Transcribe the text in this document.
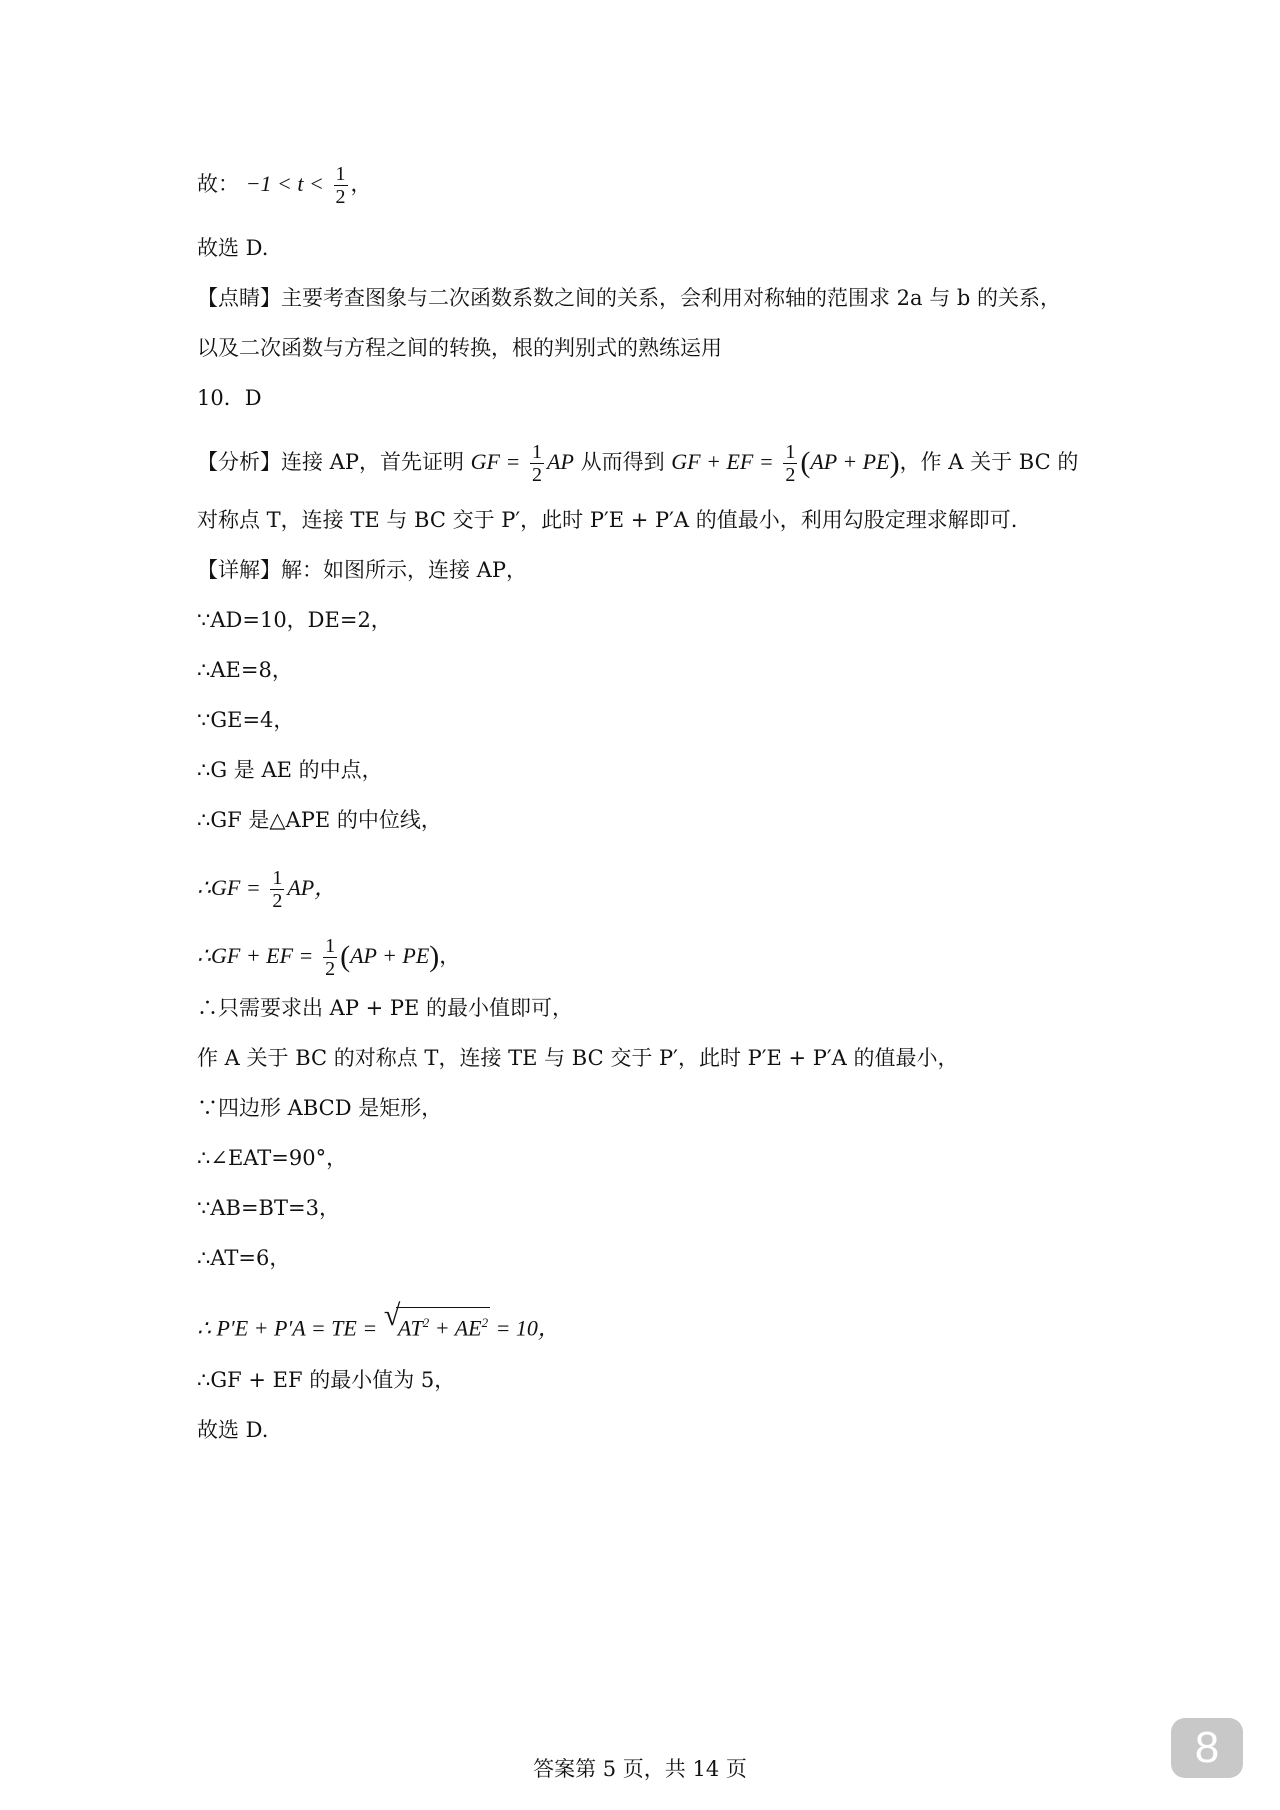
故： $-1 < t < \frac{1}{2}$ ，
故选 D.
【点睛】主要考查图象与二次函数系数之间的关系，会利用对称轴的范围求 2a 与 b 的关系，
以及二次函数与方程之间的转换，根的判别式的熟练运用
10．D
【分析】连接 AP，首先证明 GF = $\frac{1}{2}$ AP 从而得到 GF + EF = $\frac{1}{2} (AP + PE)$，作 A 关于 BC 的
对称点 T，连接 TE 与 BC 交于 P′，此时 P′E + P′A 的值最小，利用勾股定理求解即可.
【详解】解：如图所示，连接 AP，
∵AD=10，DE=2，
∴AE=8，
∵GE=4，
∴G 是 AE 的中点，
∴GF 是△APE 的中位线，
∴GF = $\frac{1}{2}$ AP，
∴GF + EF = $\frac{1}{2} (AP + PE)$，
∴只需要求出 AP + PE 的最小值即可，
作 A 关于 BC 的对称点 T，连接 TE 与 BC 交于 P′，此时 P′E + P′A 的值最小，
∵四边形 ABCD 是矩形，
∴∠EAT=90°，
∵AB=BT=3，
∴AT=6，
∴ P′E + P′A = TE = √
$AT^2 + AE^2 = 10$，
∴GF + EF 的最小值为 5，
故选 D.
答案第 5 页，共 14 页	8
